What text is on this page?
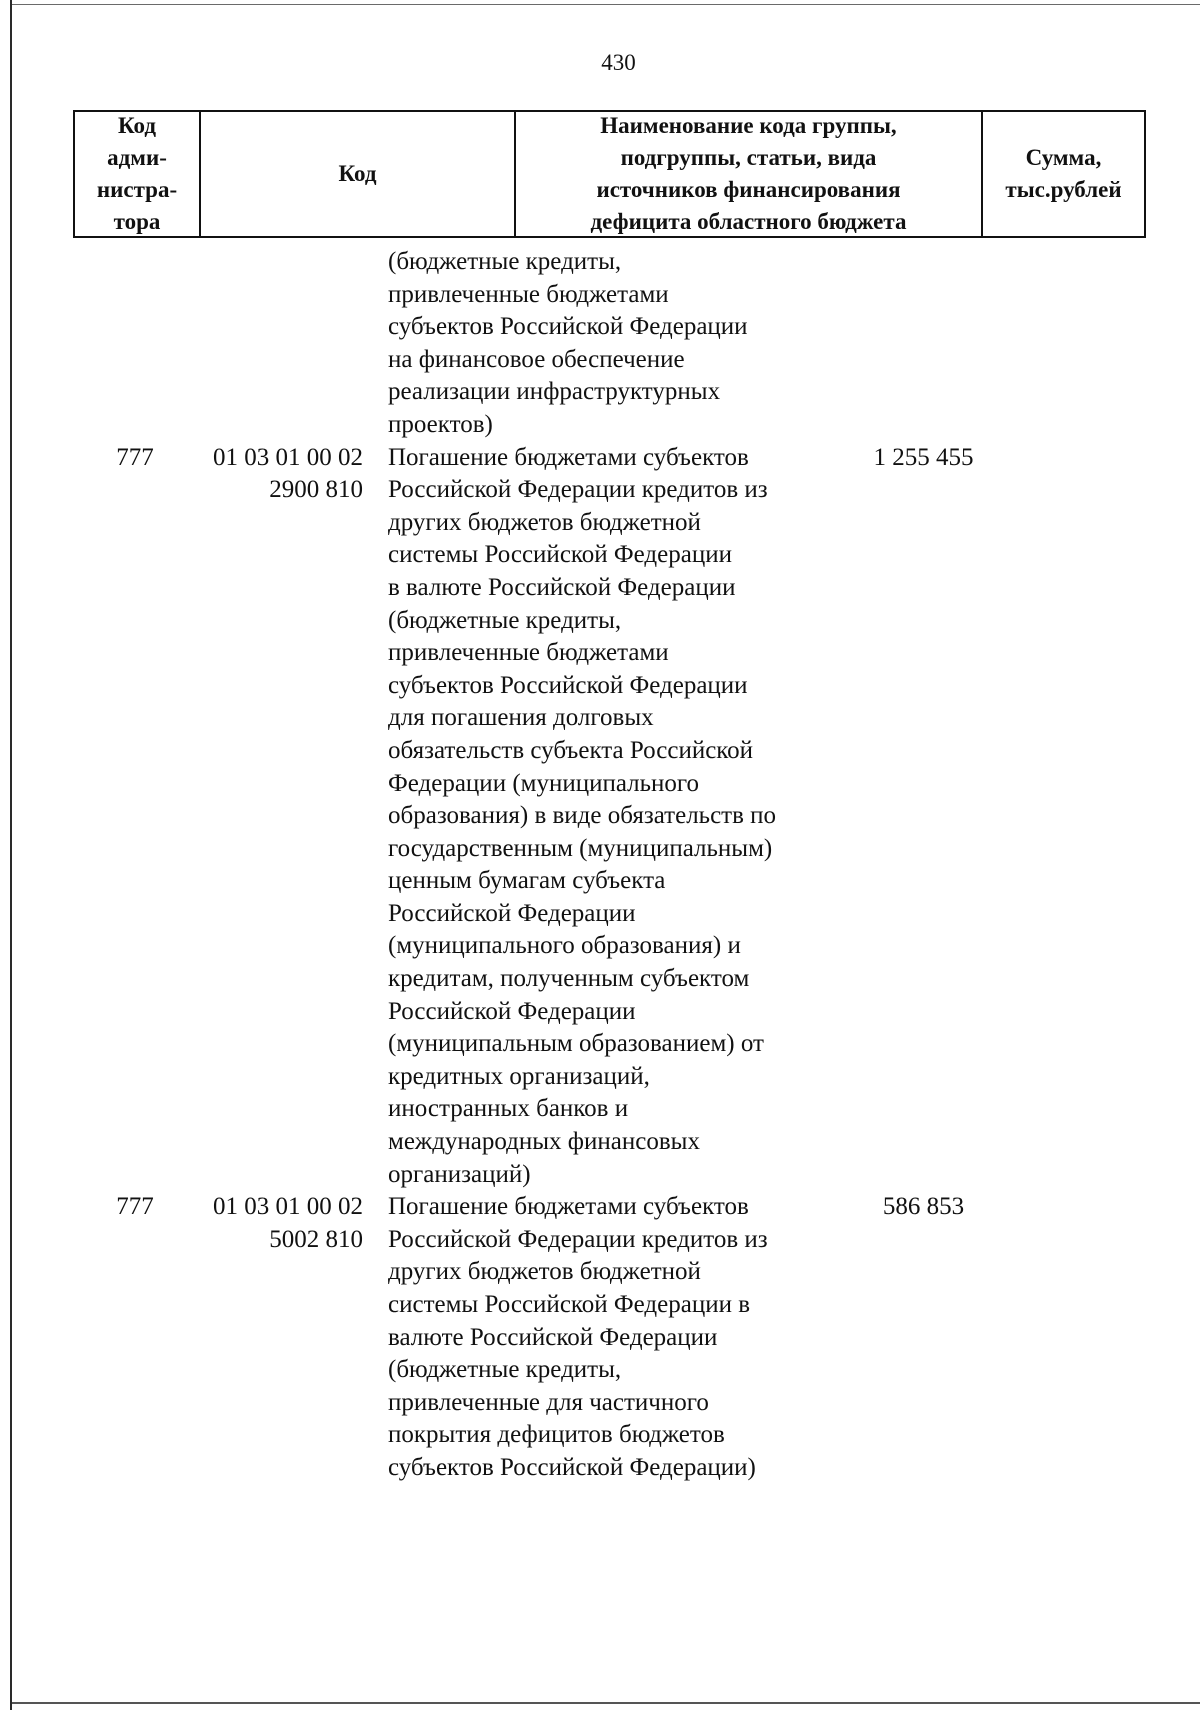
430
Код
адми-
нистра-
тора
Код
Наименование кода группы,
подгруппы, статьи, вида
источников финансирования
дефицита областного бюджета
Сумма,
тыс.рублей
(бюджетные кредиты,
привлеченные бюджетами
субъектов Российской Федерации
на финансовое обеспечение
реализации инфраструктурных
проектов)
777	01 03 01 00 02 2900 810
Погашение бюджетами субъектов
Российской Федерации кредитов из
других бюджетов бюджетной
системы Российской Федерации
в валюте Российской Федерации
(бюджетные кредиты,
привлеченные бюджетами
субъектов Российской Федерации
для погашения долговых
обязательств субъекта Российской
Федерации (муниципального
образования) в виде обязательств по
государственным (муниципальным)
ценным бумагам субъекта
Российской Федерации
(муниципального образования) и
кредитам, полученным субъектом
Российской Федерации
(муниципальным образованием) от
кредитных организаций,
иностранных банков и
международных финансовых
организаций)
1 255 455
777	01 03 01 00 02 5002 810
Погашение бюджетами субъектов
Российской Федерации кредитов из
других бюджетов бюджетной
системы Российской Федерации в
валюте Российской Федерации
(бюджетные кредиты,
привлеченные для частичного
покрытия дефицитов бюджетов
субъектов Российской Федерации)
586 853
